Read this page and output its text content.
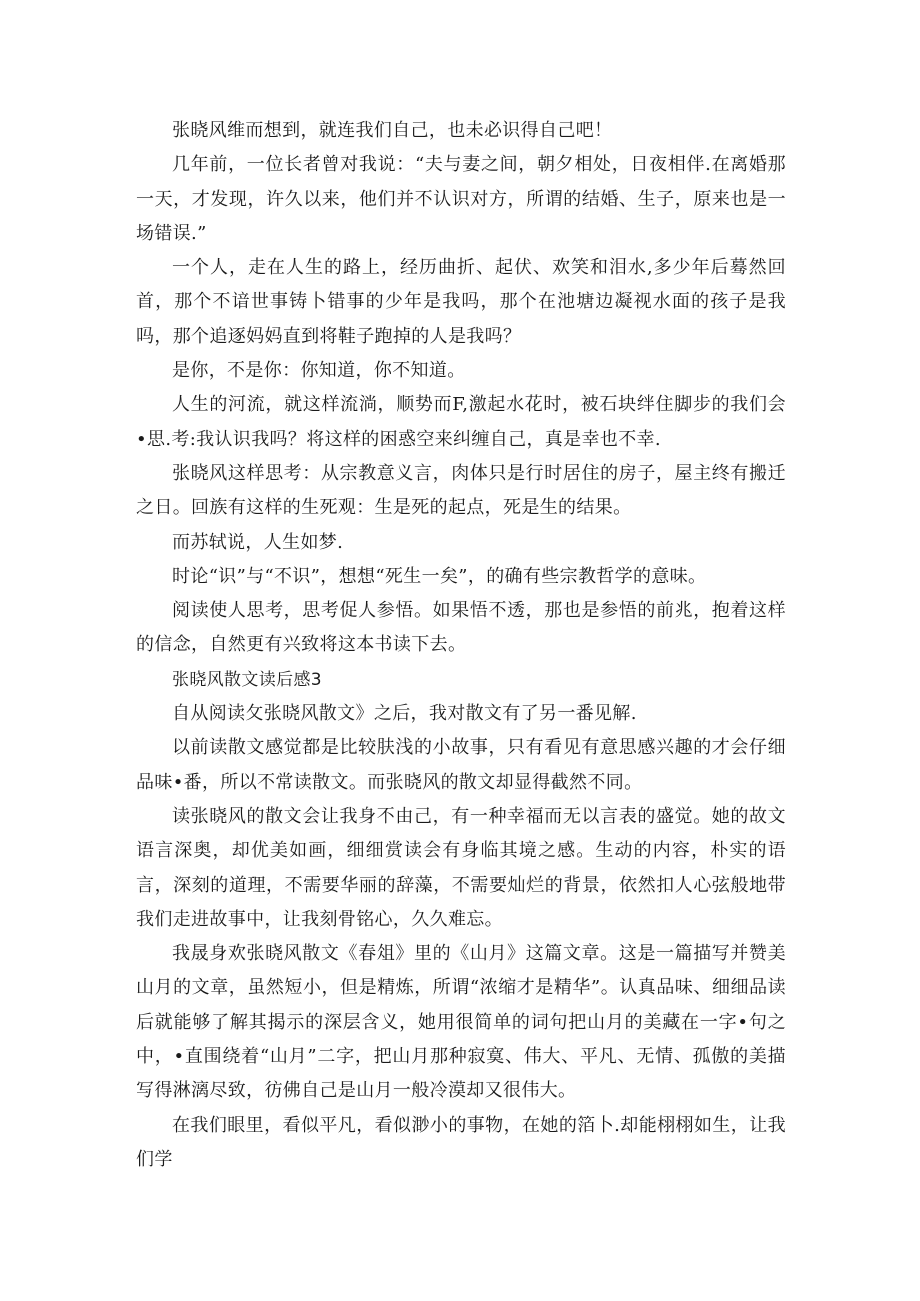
张晓风维而想到，就连我们自己，也未必识得自己吧！

几年前，一位长者曾对我说：“夫与妻之间，朝夕相处，日夜相伴.在离婚那一天，才发现，许久以来，他们并不认识对方，所谓的结婚、生子，原来也是一场错误.”

一个人，走在人生的路上，经历曲折、起伏、欢笑和泪水,多少年后蓦然回首，那个不谙世事铸卜错事的少年是我吗，那个在池塘边凝视水面的孩子是我吗，那个追逐妈妈直到将鞋子跑掉的人是我吗？

是你，不是你：你知道，你不知道。

人生的河流，就这样流淌，顺势而F,激起水花时，被石块绊住脚步的我们会•思.考:我认识我吗？将这样的困惑空来纠缠自己，真是幸也不幸.

张晓风这样思考：从宗教意义言，肉体只是行时居住的房子，屋主终有搬迁之日。回族有这样的生死观：生是死的起点，死是生的结果。

而苏轼说，人生如梦.

时论“识”与“不识”，想想“死生一矣”，的确有些宗教哲学的意味。

阅读使人思考，思考促人参悟。如果悟不透，那也是参悟的前兆，抱着这样的信念，自然更有兴致将这本书读下去。

张晓风散文读后感3

自从阅读攵张晓风散文》之后，我对散文有了另一番见解.

以前读散文感觉都是比较肤浅的小故事，只有看见有意思感兴趣的才会仔细品味•番，所以不常读散文。而张晓风的散文却显得截然不同。

读张晓风的散文会让我身不由己，有一种幸福而无以言表的盛觉。她的故文语言深奥，却优美如画，细细赏读会有身临其境之感。生动的内容，朴实的语言，深刻的道理，不需要华丽的辞藻，不需要灿烂的背景，依然扣人心弦般地带我们走进故事中，让我刻骨铭心，久久难忘。

我晟身欢张晓风散文《春俎》里的《山月》这篇文章。这是一篇描写并赞美山月的文章，虽然短小，但是精炼，所谓“浓缩才是精华”。认真品味、细细品读后就能够了解其揭示的深层含义，她用很简单的词句把山月的美藏在一字•句之中，•直围绕着“山月”二字，把山月那种寂寞、伟大、平凡、无情、孤傲的美描写得淋漓尽致，彷佛自己是山月一般冷漠却又很伟大。

在我们眼里，看似平凡，看似渺小的事物，在她的箔卜.却能栩栩如生，让我们学
